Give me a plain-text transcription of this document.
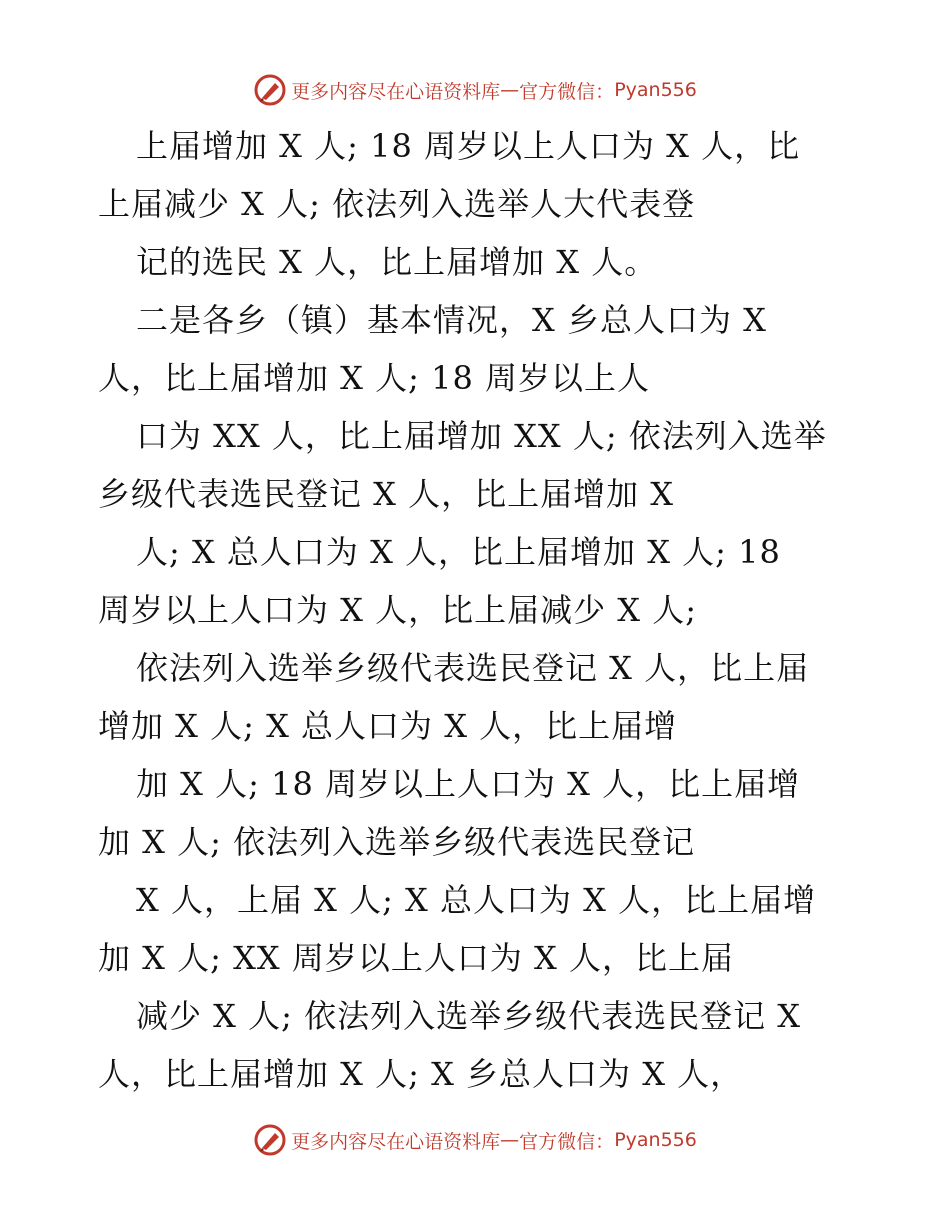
更多内容尽在心语资料库 — 官方微信： Pyan556
上届增加 X 人; 18 周岁以上人口为 X 人，比
上届减少 X 人; 依法列入选举人大代表登
记的选民 X 人，比上届增加 X 人。
二是各乡（镇）基本情况，X 乡总人口为 X
人，比上届增加 X 人; 18 周岁以上人
口为 XX 人，比上届增加 XX 人; 依法列入选举
乡级代表选民登记 X 人，比上届增加 X
人; X 总人口为 X 人，比上届增加 X 人; 18
周岁以上人口为 X 人，比上届减少 X 人;
依法列入选举乡级代表选民登记 X 人，比上届
增加 X 人; X 总人口为 X 人，比上届增
加 X 人; 18 周岁以上人口为 X 人，比上届增
加 X 人; 依法列入选举乡级代表选民登记
X 人，上届 X 人; X 总人口为 X 人，比上届增
加 X 人; XX 周岁以上人口为 X 人，比上届
减少 X 人; 依法列入选举乡级代表选民登记 X
人，比上届增加 X 人; X 乡总人口为 X 人，
更多内容尽在心语资料库 — 官方微信： Pyan556
